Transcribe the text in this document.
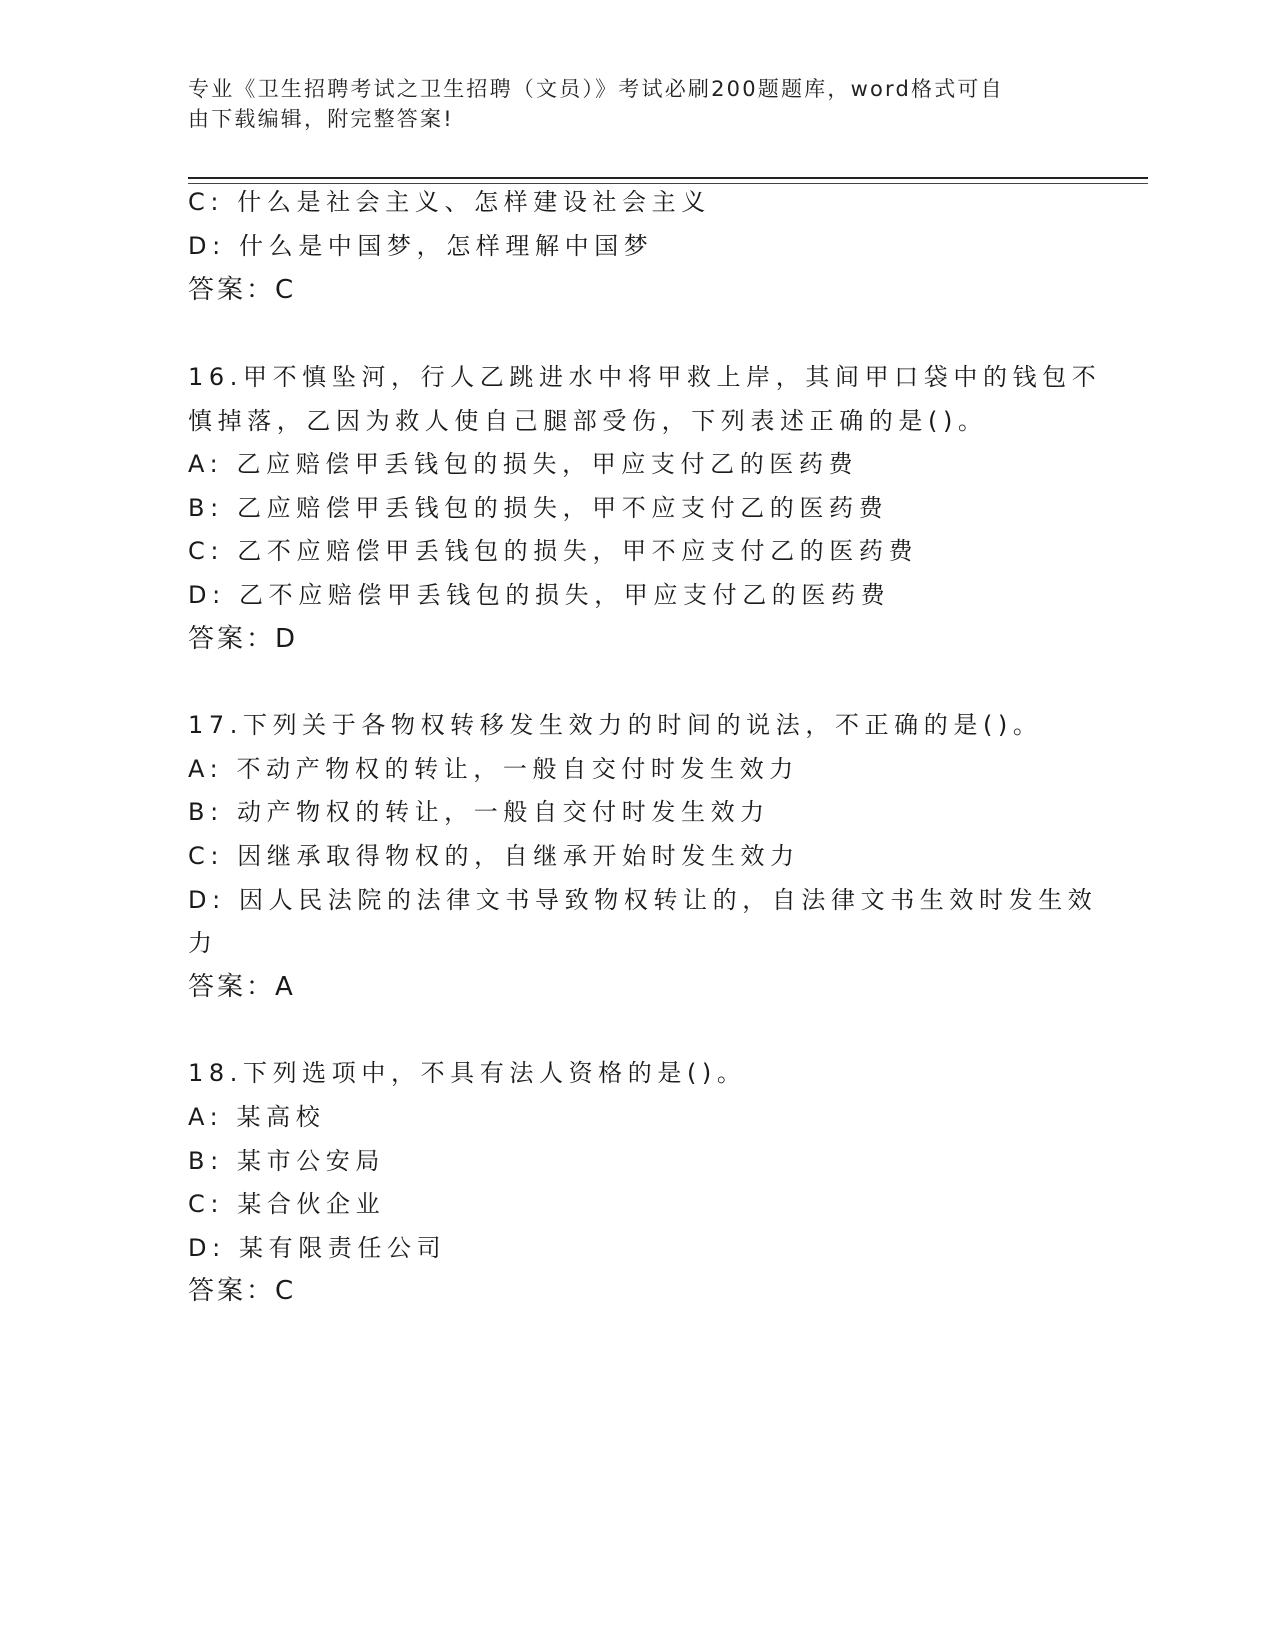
专业《卫生招聘考试之卫生招聘（文员）》考试必刷200题题库，word格式可自
由下载编辑，附完整答案!
C: 什么是社会主义、怎样建设社会主义
D: 什么是中国梦，怎样理解中国梦
答案：C
16.甲不慎坠河，行人乙跳进水中将甲救上岸，其间甲口袋中的钱包不
慎掉落，乙因为救人使自己腿部受伤，下列表述正确的是()。
A: 乙应赔偿甲丢钱包的损失，甲应支付乙的医药费
B: 乙应赔偿甲丢钱包的损失，甲不应支付乙的医药费
C: 乙不应赔偿甲丢钱包的损失，甲不应支付乙的医药费
D: 乙不应赔偿甲丢钱包的损失，甲应支付乙的医药费
答案：D
17.下列关于各物权转移发生效力的时间的说法，不正确的是()。
A: 不动产物权的转让，一般自交付时发生效力
B: 动产物权的转让，一般自交付时发生效力
C: 因继承取得物权的，自继承开始时发生效力
D: 因人民法院的法律文书导致物权转让的，自法律文书生效时发生效
力
答案：A
18.下列选项中，不具有法人资格的是()。
A: 某高校
B: 某市公安局
C: 某合伙企业
D: 某有限责任公司
答案：C
